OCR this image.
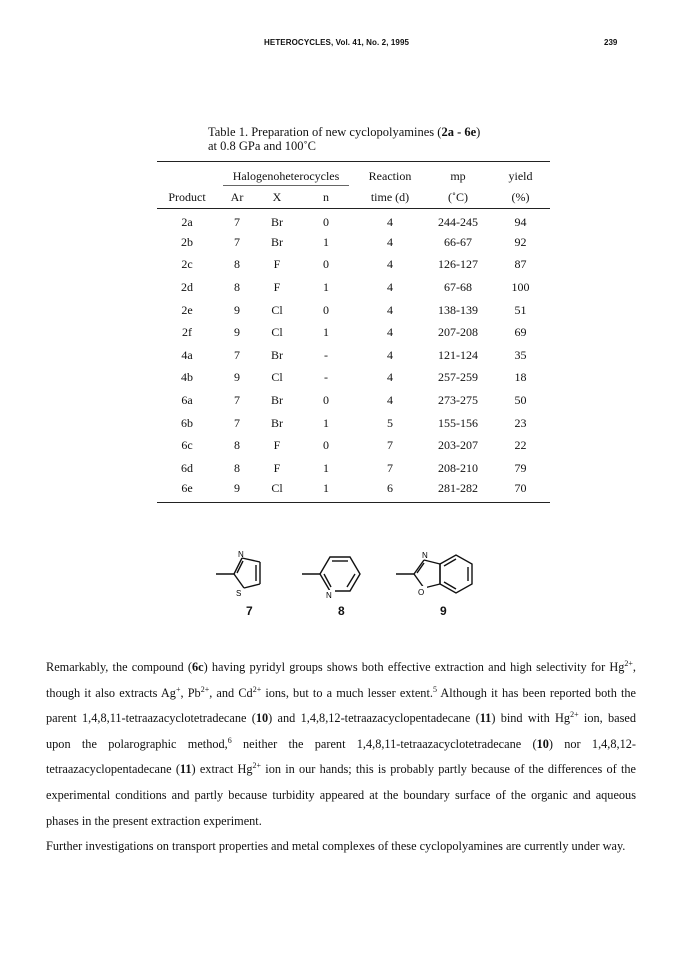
HETEROCYCLES, Vol. 41, No. 2, 1995	239
Table 1. Preparation of new cyclopolyamines (2a - 6e)
at 0.8 GPa and 100˚C
	Halogenoheterocycles			Reaction	mp	yield
Product	Ar	X	n	time (d)	(˚C)	(%)
2a	7	Br	0	4	244-245	94
2b	7	Br	1	4	66-67	92
2c	8	F	0	4	126-127	87
2d	8	F	1	4	67-68	100
2e	9	Cl	0	4	138-139	51
2f	9	Cl	1	4	207-208	69
4a	7	Br	-	4	121-124	35
4b	9	Cl	-	4	257-259	18
6a	7	Br	0	4	273-275	50
6b	7	Br	1	5	155-156	23
6c	8	F	0	7	203-207	22
6d	8	F	1	7	208-210	79
6e	9	Cl	1	6	281-282	70
N
S	N
N
O
7	8	9

Remarkably, the compound (6c) having pyridyl groups shows both effective extraction and high selectivity for $Hg^{2+}$, though it also extracts Ag+, $Pb^{2+}$, and $Cd^{2+}$ ions, but to a much lesser extent.$^5$ Although it has been reported both the parent 1,4,8,11-tetraazacyclotetradecane (10) and 1,4,8,12-tetraazacyclopentadecane (11) bind with $Hg^{2+}$ ion, based upon the polarographic method,$^6$ neither the parent 1,4,8,11-tetraazacyclotetradecane (10) nor 1,4,8,12-tetraazacyclopentadecane (11) extract $Hg^{2+}$ ion in our hands; this is probably partly because of the differences of the experimental conditions and partly because turbidity appeared at the boundary surface of the organic and aqueous phases in the present extraction experiment.

Further investigations on transport properties and metal complexes of these cyclopolyamines are currently under way.
